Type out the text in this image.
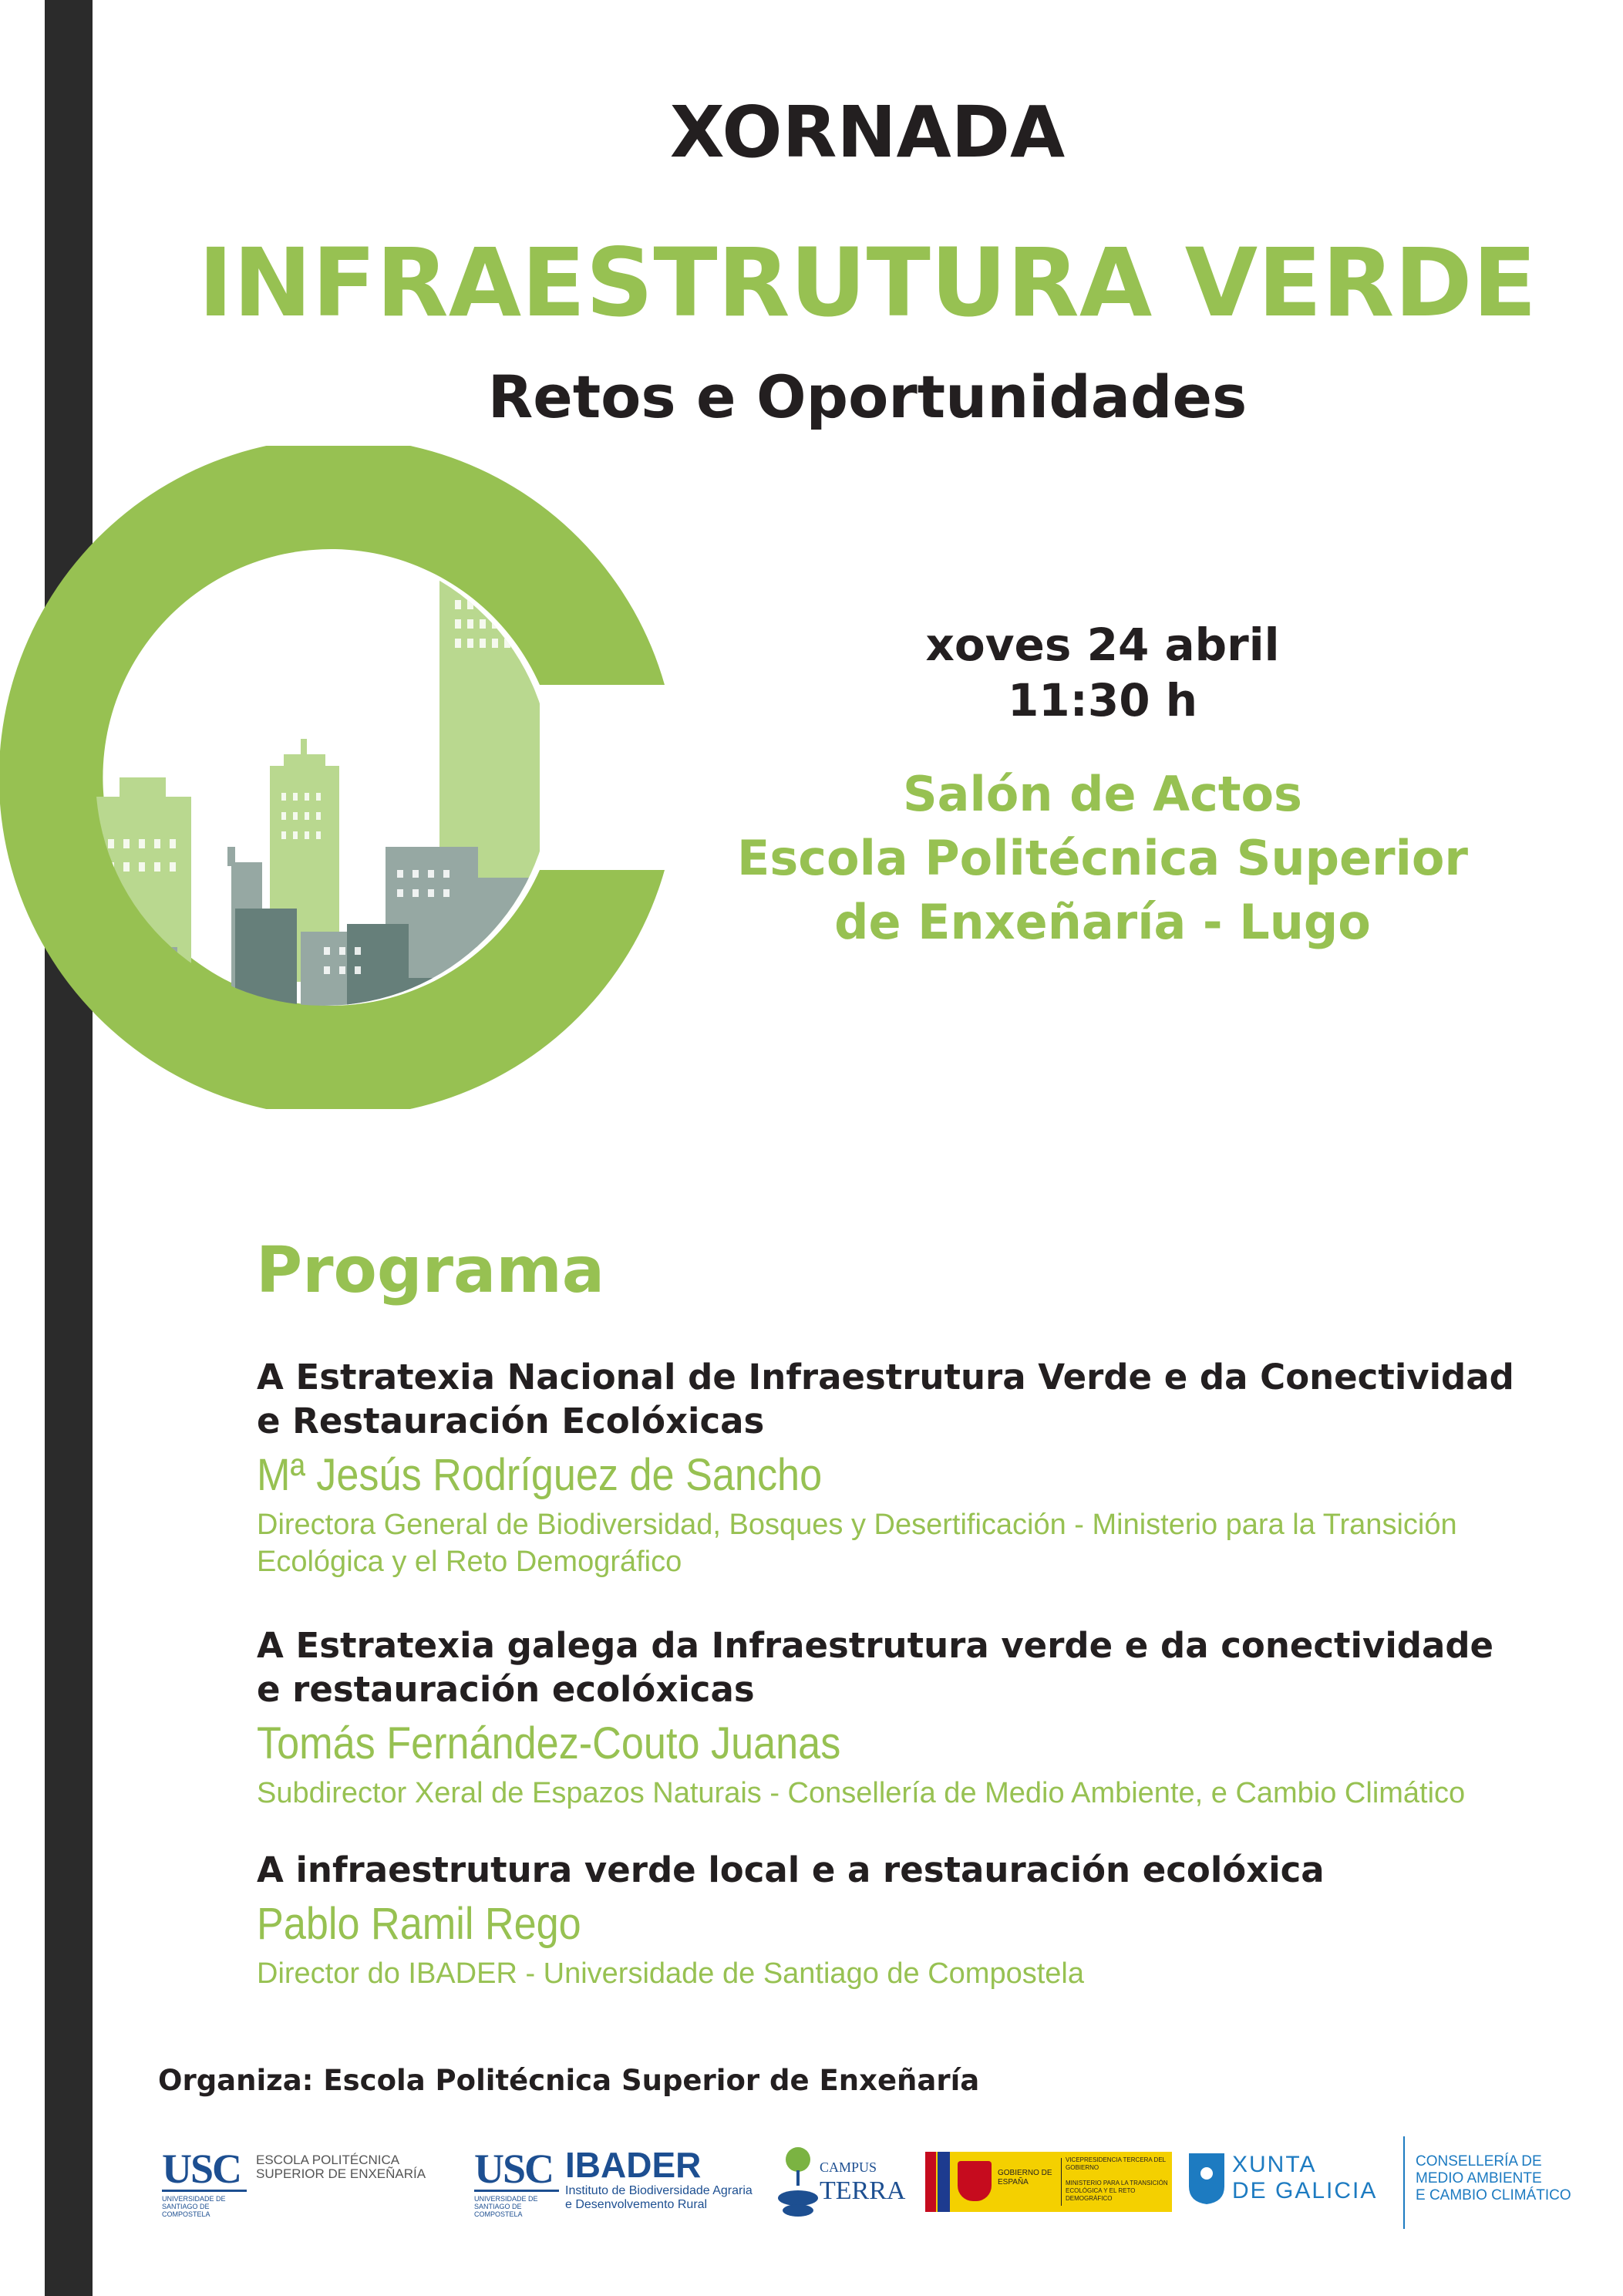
XORNADA
INFRAESTRUTURA VERDE
Retos e Oportunidades
xoves 24 abril
11:30 h
Salón de Actos
Escola Politécnica Superior
de Enxeñaría - Lugo
Programa
A Estratexia Nacional de Infraestrutura Verde e da Conectividad e Restauración Ecolóxicas
Mª Jesús Rodríguez de Sancho
Directora General de Biodiversidad, Bosques y Desertificación - Ministerio para la Transición Ecológica y el Reto Demográfico
A Estratexia galega da Infraestrutura verde e da conectividade e restauración ecolóxicas
Tomás Fernández-Couto Juanas
Subdirector Xeral de Espazos Naturais - Consellería de Medio Ambiente, e Cambio Climático
A infraestrutura verde local e a restauración ecolóxica
Pablo Ramil Rego
Director do IBADER - Universidade de Santiago de Compostela
Organiza: Escola Politécnica Superior de Enxeñaría
USC
UNIVERSIDADE DE SANTIAGO DE COMPOSTELA
ESCOLA POLITÉCNICA SUPERIOR DE ENXEÑARÍA	USC
UNIVERSIDADE DE SANTIAGO DE COMPOSTELA
IBADER
Instituto de Biodiversidade Agraria e Desenvolvemento Rural
CAMPUS
TERRA
GOBIERNO DE ESPAÑA
VICEPRESIDENCIA TERCERA DEL GOBIERNO
MINISTERIO PARA LA TRANSICIÓN ECOLÓGICA Y EL RETO DEMOGRÁFICO
XUNTA
DE GALICIA
CONSELLERÍA DE
MEDIO AMBIENTE
E CAMBIO CLIMÁTICO
